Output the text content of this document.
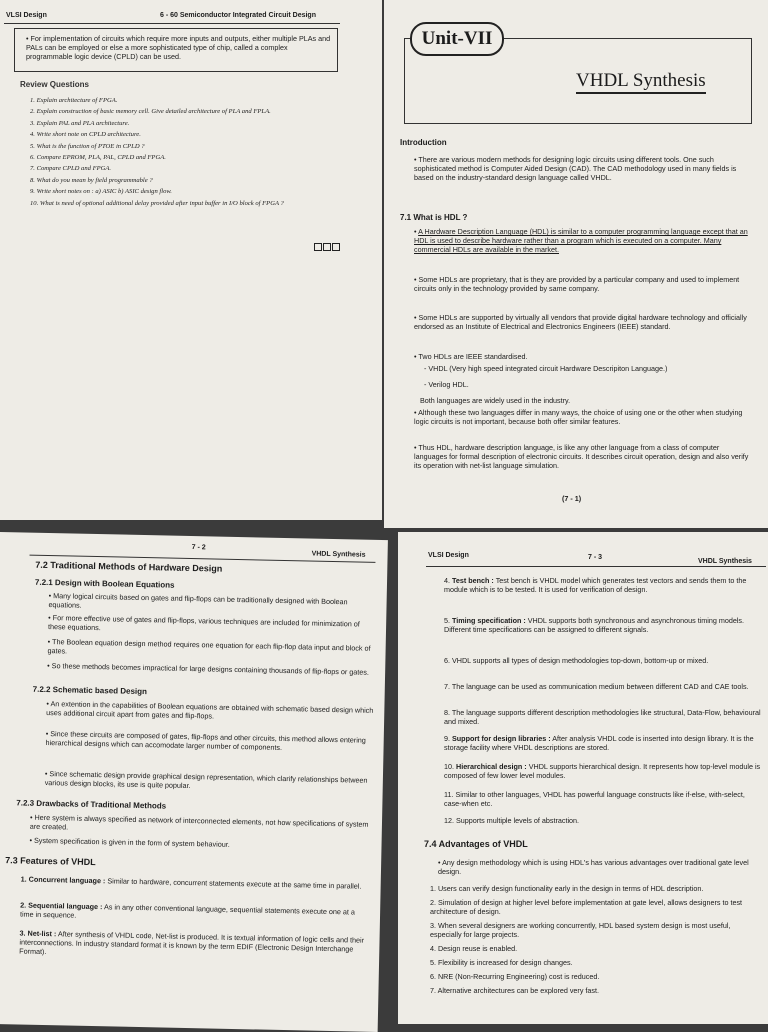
VLSI Design	6 - 60 Semiconductor Integrated Circuit Design
• For implementation of circuits which require more inputs and outputs, either multiple PLAs and PALs can be employed or else a more sophisticated type of chip, called a complex programmable logic device (CPLD) can be used.
Review Questions
1. Explain architecture of FPGA.
2. Explain construction of basic memory cell. Give detailed architecture of PLA and FPLA.
3. Explain PAL and PLA architecture.
4. Write short note on CPLD architecture.
5. What is the function of PTOE in CPLD ?
6. Compare EPROM, PLA, PAL, CPLD and FPGA.
7. Compare CPLD and FPGA.
8. What do you mean by field programmable ?
9. Write short notes on : a) ASIC b) ASIC design flow.
10. What is need of optional additional delay provided after input buffer in I/O block of FPGA ?
Unit-VII
VHDL Synthesis
Introduction
• There are various modern methods for designing logic circuits using different tools. One such sophisticated method is Computer Aided Design (CAD). The CAD methodology used in many fields is based on the industry-standard design language called VHDL.
7.1 What is HDL ?
• A Hardware Description Language (HDL) is similar to a computer programming language except that an HDL is used to describe hardware rather than a program which is executed on a computer. Many commercial HDLs are available in the market.
• Some HDLs are proprietary, that is they are provided by a particular company and used to implement circuits only in the technology provided by same company.
• Some HDLs are supported by virtually all vendors that provide digital hardware technology and officially endorsed as an Institute of Electrical and Electronics Engineers (IEEE) standard.
• Two HDLs are IEEE standardised.
- VHDL (Very high speed integrated circuit Hardware Descripiton Language.)
- Verilog HDL.
Both languages are widely used in the industry.
• Although these two languages differ in many ways, the choice of using one or the other when studying logic circuits is not important, because both offer similar features.
• Thus HDL, hardware description language, is like any other language from a class of computer languages for formal description of electronic circuits. It describes circuit operation, design and also verify its operation with net-list language simulation.
(7 - 1)
7 - 2
VHDL Synthesis
7.2 Traditional Methods of Hardware Design
7.2.1 Design with Boolean Equations
• Many logical circuits based on gates and flip-flops can be traditionally designed with Boolean equations.
• For more effective use of gates and flip-flops, various techniques are included for minimization of these equations.
• The Boolean equation design method requires one equation for each flip-flop data input and block of gates.
• So these methods becomes impractical for large designs containing thousands of flip-flops or gates.
7.2.2 Schematic based Design
• An extention in the capabilities of Boolean equations are obtained with schematic based design which uses additional circuit apart from gates and flip-flops.
• Since these circuits are composed of gates, flip-flops and other circuits, this method allows entering hierarchical designs which can accomodate larger number of components.
• Since schematic design provide graphical design representation, which clarify relationships between various design blocks, its use is quite popular.
7.2.3 Drawbacks of Traditional Methods
• Here system is always specified as network of interconnected elements, not how specifications of system are created.
• System specification is given in the form of system behaviour.
7.3 Features of VHDL
1. Concurrent language : Similar to hardware, concurrent statements execute at the same time in parallel.
2. Sequential language : As in any other conventional language, sequential statements execute one at a time in sequence.
3. Net-list : After synthesis of VHDL code, Net-list is produced. It is textual information of logic cells and their interconnections. In industry standard format it is known by the term EDIF (Electronic Design Interchange Format).
VLSI Design	7 - 3
VHDL Synthesis
4. Test bench : Test bench is VHDL model which generates test vectors and sends them to the module which is to be tested. It is used for verification of design.
5. Timing specification : VHDL supports both synchronous and asynchronous timing models. Different time specifications can be assigned to different signals.
6. VHDL supports all types of design methodologies top-down, bottom-up or mixed.
7. The language can be used as communication medium between different CAD and CAE tools.
8. The language supports different description methodologies like structural, Data-Flow, behavioural and mixed.
9. Support for design libraries : After analysis VHDL code is inserted into design library. It is the storage facility where VHDL descriptions are stored.
10. Hierarchical design : VHDL supports hierarchical design. It represents how top-level module is composed of few lower level modules.
11. Similar to other languages, VHDL has powerful language constructs like if-else, with-select, case-when etc.
12. Supports multiple levels of abstraction.
7.4 Advantages of VHDL
• Any design methodology which is using HDL's has various advantages over traditional gate level design.
1. Users can verify design functionality early in the design in terms of HDL description.
2. Simulation of design at higher level before implementation at gate level, allows designers to test architecture of design.
3. When several designers are working concurrently, HDL based system design is most useful, especially for large projects.
4. Design reuse is enabled.
5. Flexibility is increased for design changes.
6. NRE (Non-Recurring Engineering) cost is reduced.
7. Alternative architectures can be explored very fast.
